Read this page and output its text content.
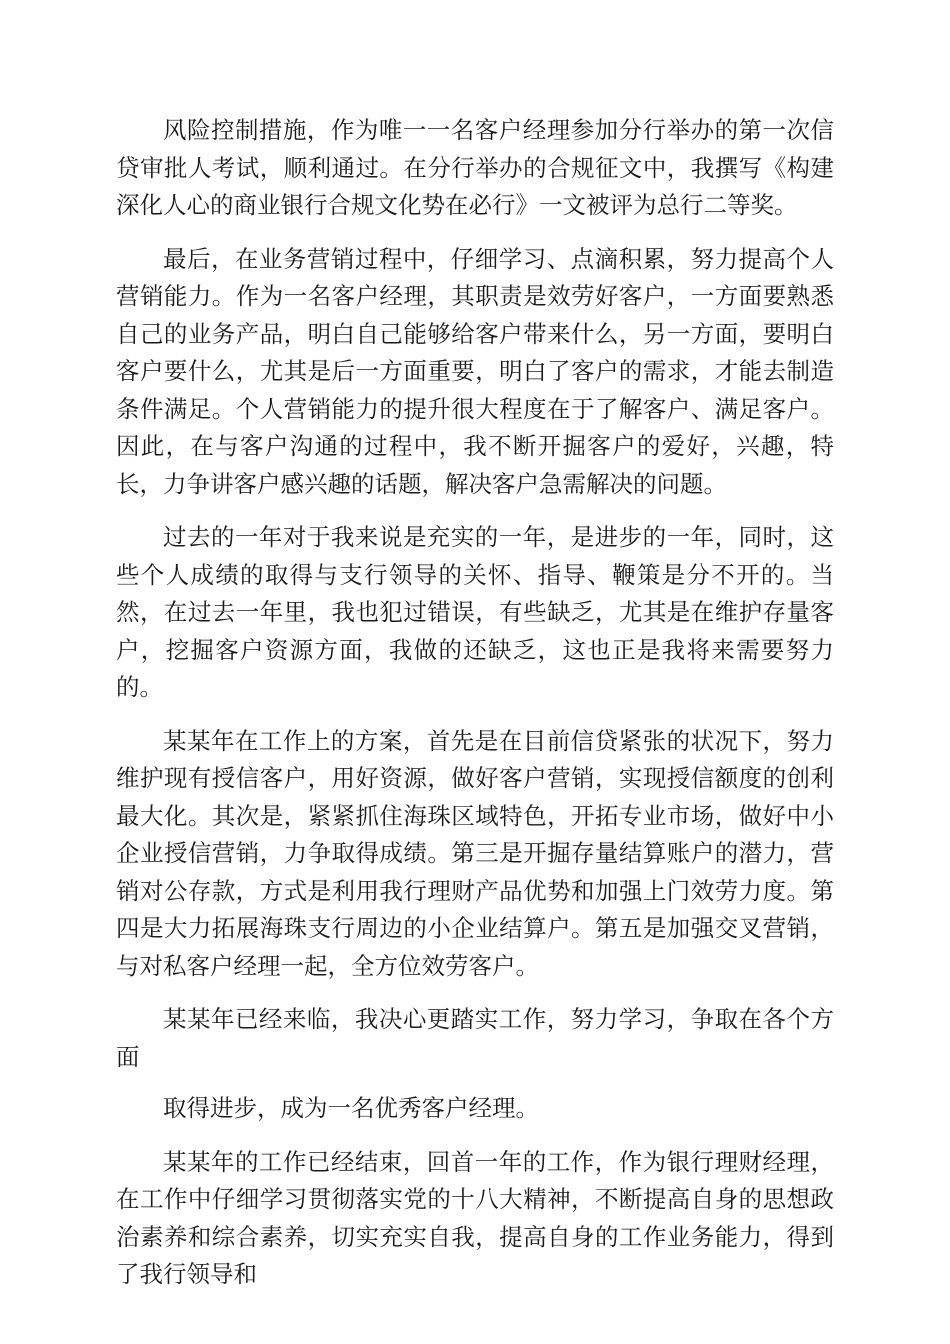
风险控制措施，作为唯一一名客户经理参加分行举办的第一次信贷审批人考试，顺利通过。在分行举办的合规征文中，我撰写《构建深化人心的商业银行合规文化势在必行》一文被评为总行二等奖。

最后，在业务营销过程中，仔细学习、点滴积累，努力提高个人营销能力。作为一名客户经理，其职责是效劳好客户，一方面要熟悉自己的业务产品，明白自己能够给客户带来什么，另一方面，要明白客户要什么，尤其是后一方面重要，明白了客户的需求，才能去制造条件满足。个人营销能力的提升很大程度在于了解客户、满足客户。因此，在与客户沟通的过程中，我不断开掘客户的爱好，兴趣，特长，力争讲客户感兴趣的话题，解决客户急需解决的问题。

过去的一年对于我来说是充实的一年，是进步的一年，同时，这些个人成绩的取得与支行领导的关怀、指导、鞭策是分不开的。当然，在过去一年里，我也犯过错误，有些缺乏，尤其是在维护存量客户，挖掘客户资源方面，我做的还缺乏，这也正是我将来需要努力的。

某某年在工作上的方案，首先是在目前信贷紧张的状况下，努力维护现有授信客户，用好资源，做好客户营销，实现授信额度的创利最大化。其次是，紧紧抓住海珠区域特色，开拓专业市场，做好中小企业授信营销，力争取得成绩。第三是开掘存量结算账户的潜力，营销对公存款，方式是利用我行理财产品优势和加强上门效劳力度。第四是大力拓展海珠支行周边的小企业结算户。第五是加强交叉营销，与对私客户经理一起，全方位效劳客户。

某某年已经来临，我决心更踏实工作，努力学习，争取在各个方面

取得进步，成为一名优秀客户经理。

某某年的工作已经结束，回首一年的工作，作为银行理财经理，在工作中仔细学习贯彻落实党的十八大精神，不断提高自身的思想政治素养和综合素养，切实充实自我，提高自身的工作业务能力，得到了我行领导和
